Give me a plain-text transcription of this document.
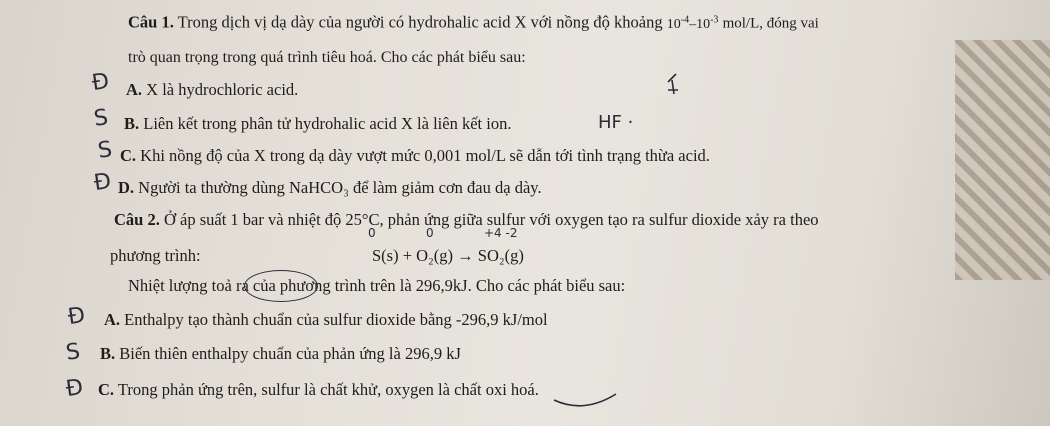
Câu 1. Trong dịch vị dạ dày của người có hydrohalic acid X với nồng độ khoảng $10^{-4}-10^{-3}$ mol/L, đóng vai
trò quan trọng trong quá trình tiêu hoá. Cho các phát biểu sau:
A. X là hydrochloric acid.
B. Liên kết trong phân tử hydrohalic acid X là liên kết ion.
C. Khi nồng độ của X trong dạ dày vượt mức 0,001 mol/L sẽ dẫn tới tình trạng thừa acid.
D. Người ta thường dùng NaHCO₃ để làm giảm cơn đau dạ dày.
Câu 2. Ở áp suất 1 bar và nhiệt độ 25°C, phản ứng giữa sulfur với oxygen tạo ra sulfur dioxide xảy ra theo
phương trình:	S(s) + O₂(g) → SO₂(g)
Nhiệt lượng toả ra của phương trình trên là 296,9kJ. Cho các phát biểu sau:
A. Enthalpy tạo thành chuẩn của sulfur dioxide bằng -296,9 kJ/mol
B. Biến thiên enthalpy chuẩn của phản ứng là 296,9 kJ
C. Trong phản ứng trên, sulfur là chất khử, oxygen là chất oxi hoá.
Đ
S
S
Đ
HF ·
Đ
S
Đ
0	0	+4 -2
